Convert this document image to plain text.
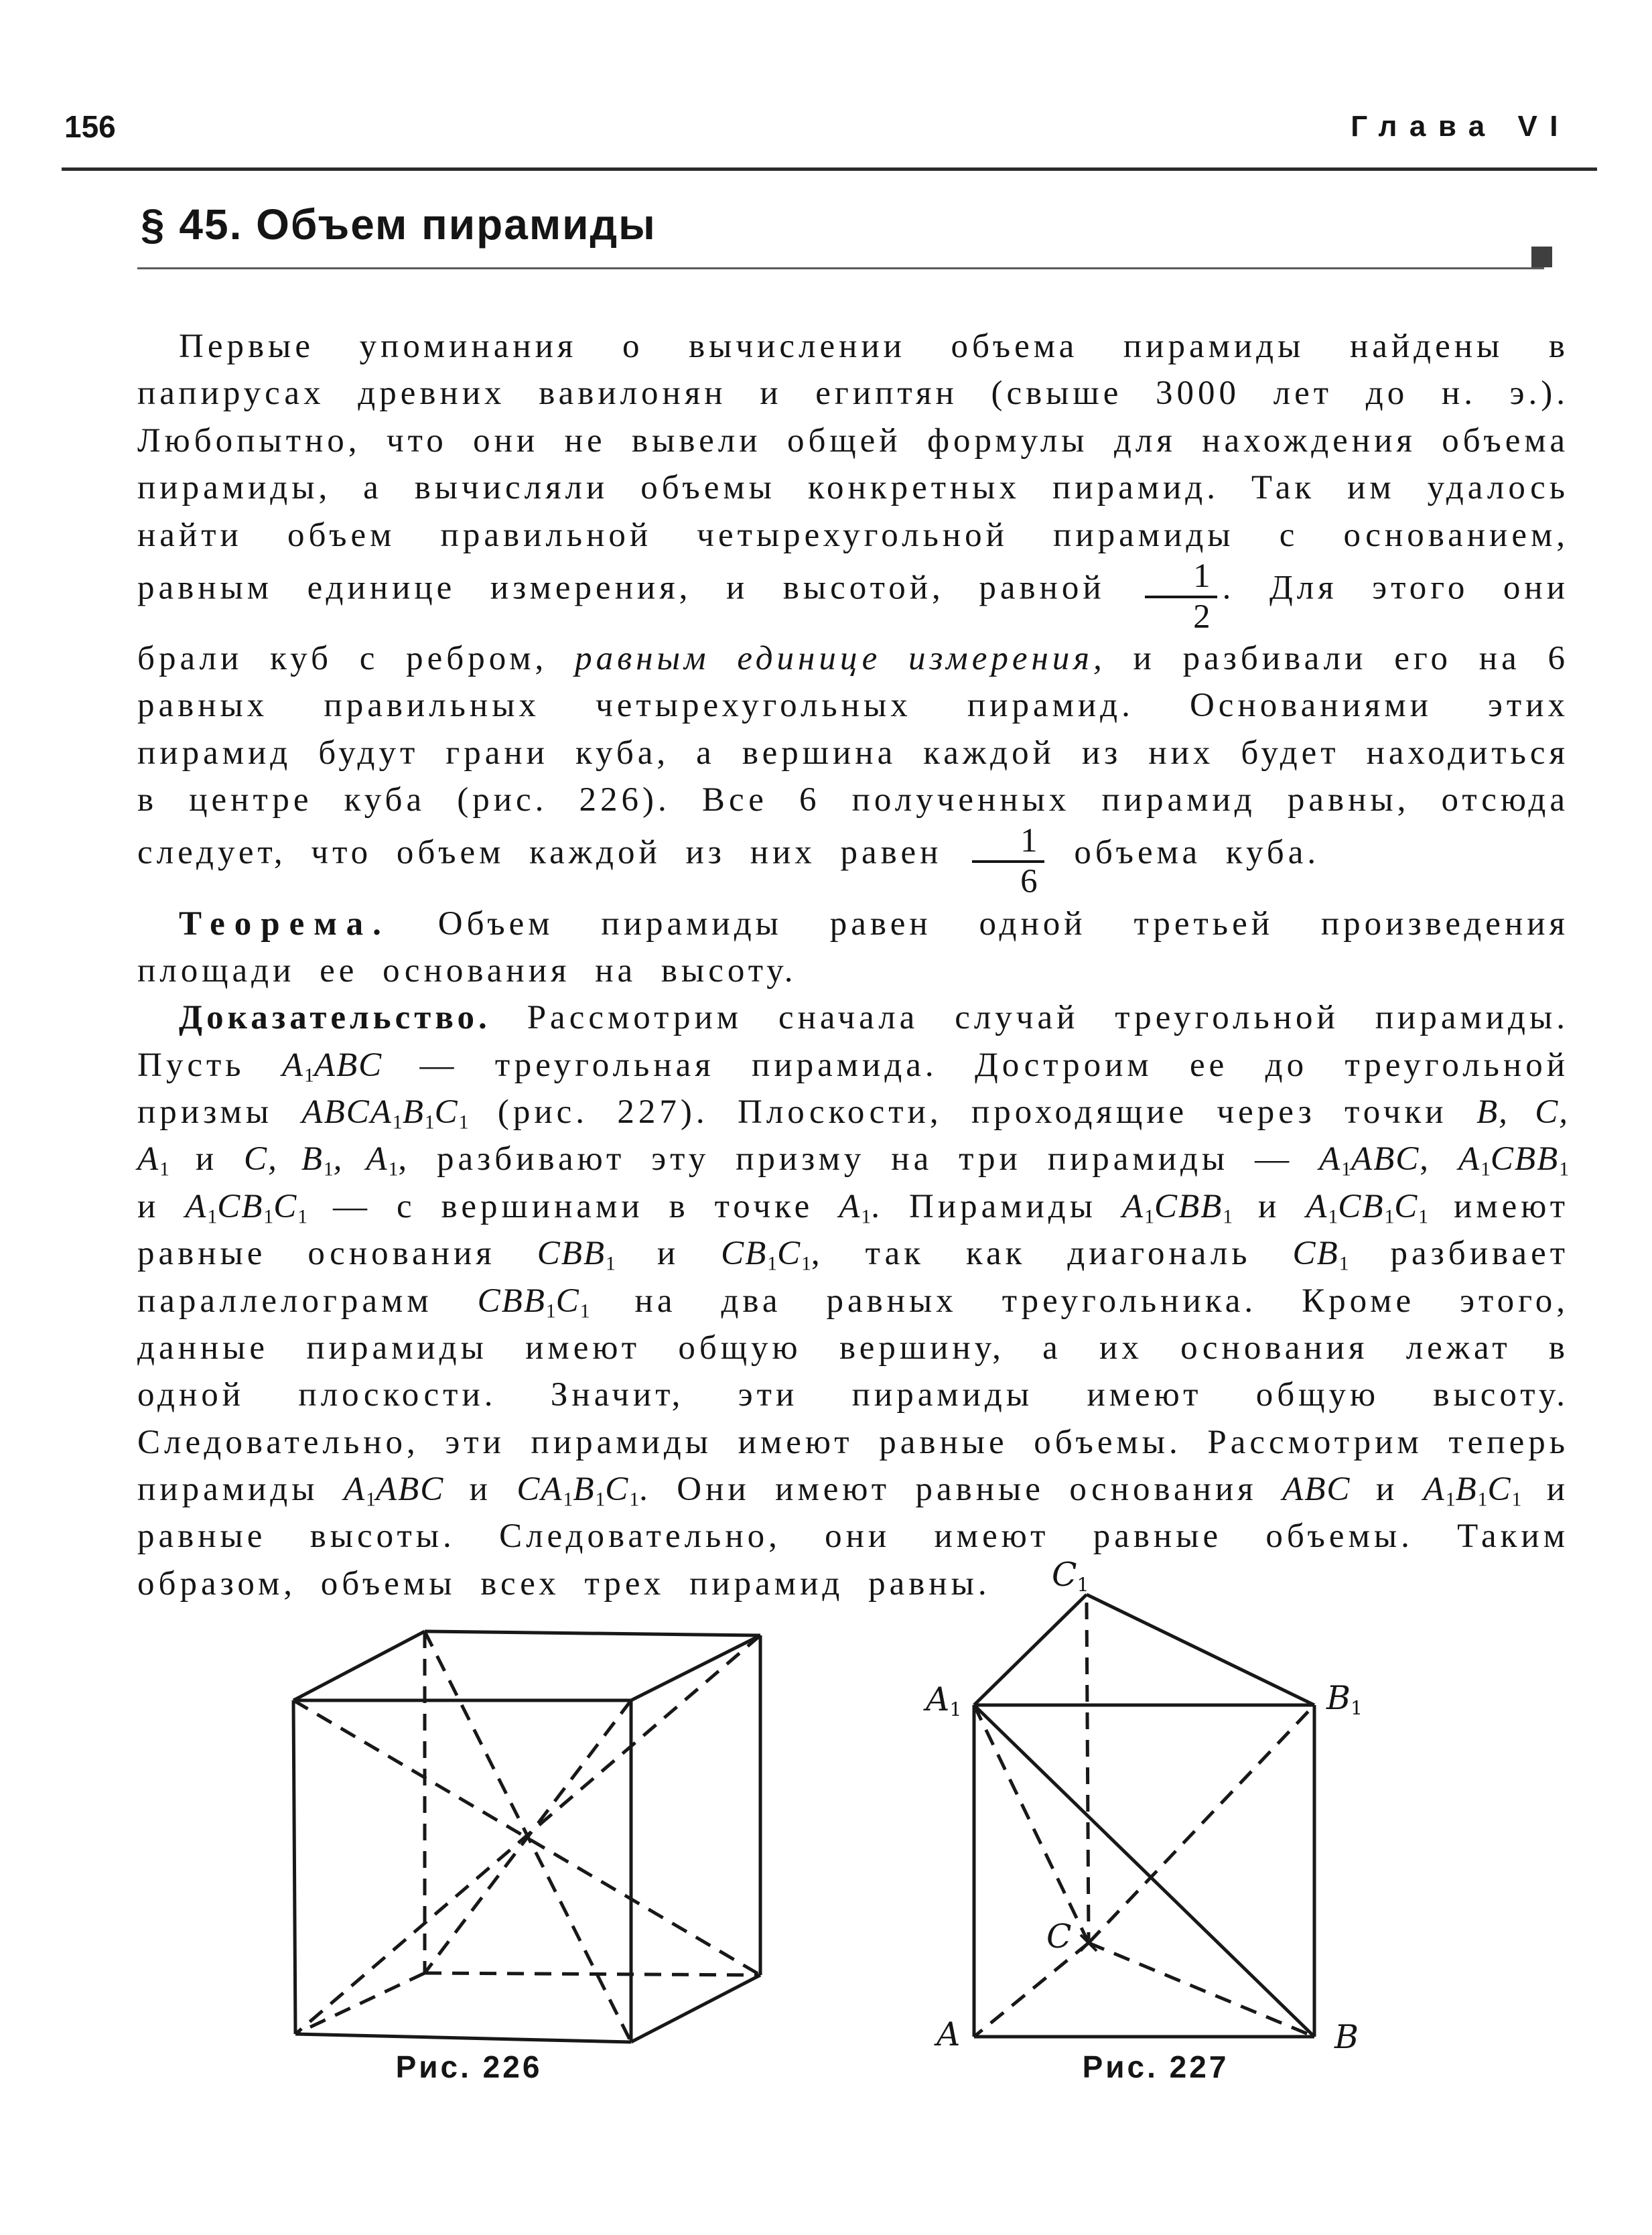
156	Глава VI
§ 45. Объем пирамиды

Первые упоминания о вычислении объема пирамиды найдены в папирусах древних вавилонян и египтян (свыше 3000 лет до н. э.). Любопытно, что они не вывели общей формулы для нахождения объема пирамиды, а вычисляли объемы конкретных пирамид. Так им удалось найти объем правильной четырехугольной пирамиды с основанием, равным единице измерения, и высотой, равной $\frac{1}{2}$ . Для этого они брали куб с ребром, равным единице измерения, и разбивали его на 6 равных правильных четырехугольных пирамид. Основаниями этих пирамид будут грани куба, а вершина каждой из них будет находиться в центре куба (рис. 226). Все 6 полученных пирамид равны, отсюда следует, что объем каждой из них равен $\frac{1}{6}$ объема куба.

Теорема. Объем пирамиды равен одной третьей произведения площади ее основания на высоту.

Доказательство. Рассмотрим сначала случай треугольной пирамиды. Пусть $A_1ABC$ — треугольная пирамида. Достроим ее до треугольной призмы $ABCA_1B_1C_1$ (рис. 227). Плоскости, проходящие через точки B, C, $A_1$ и C, $B_1$, $A_1$, разбивают эту призму на три пирамиды — $A_1ABC$, $A_1CBB_1$ и $A_1CB_1C_1$ — с вершинами в точке $A_1$. Пирамиды $A_1CBB_1$ и $A_1CB_1C_1$ имеют равные основания $CBB_1$ и $CB_1C_1$, так как диагональ $CB_1$ разбивает параллелограмм $CBB_1C_1$ на два равных треугольника. Кроме этого, данные пирамиды имеют общую вершину, а их основания лежат в одной плоскости. Значит, эти пирамиды имеют общую высоту. Следовательно, эти пирамиды имеют равные объемы. Рассмотрим теперь пирамиды $A_1ABC$ и $CA_1B_1C_1$. Они имеют равные основания ABC и $A_1B_1C_1$ и равные высоты. Следовательно, они имеют равные объемы. Таким образом, объемы всех трех пирамид равны.	$C_1$
$A_1$	$B_1$
A	B
C
Рис. 226	Рис. 227
